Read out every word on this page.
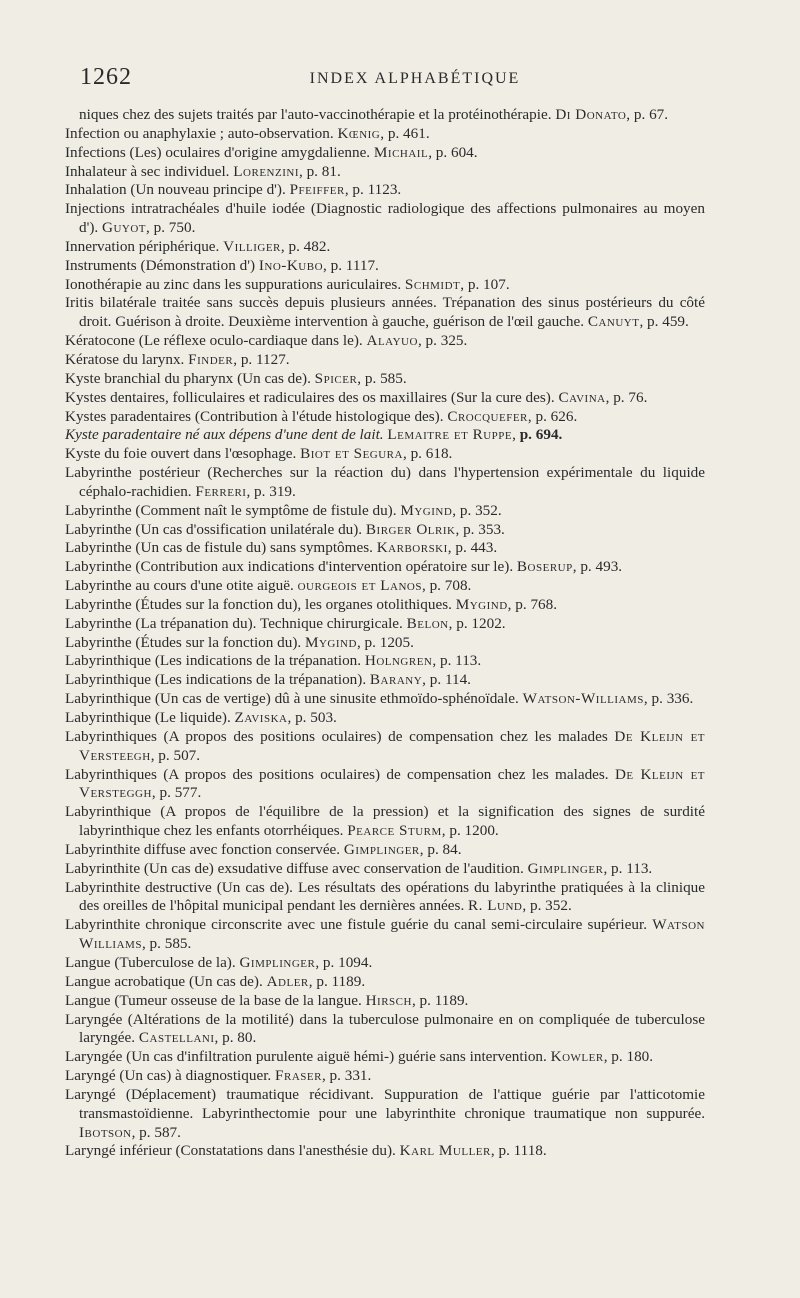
1262	INDEX ALPHABÉTIQUE

niques chez des sujets traités par l'auto-vaccinothérapie et la protéinothérapie. Di Donato, p. 67.

Infection ou anaphylaxie ; auto-observation. Kœnig, p. 461.

Infections (Les) oculaires d'origine amygdalienne. Michail, p. 604.

Inhalateur à sec individuel. Lorenzini, p. 81.

Inhalation (Un nouveau principe d'). Pfeiffer, p. 1123.

Injections intratrachéales d'huile iodée (Diagnostic radiologique des affections pulmonaires au moyen d'). Guyot, p. 750.

Innervation périphérique. Villiger, p. 482.

Instruments (Démonstration d') Ino-Kubo, p. 1117.

Ionothérapie au zinc dans les suppurations auriculaires. Schmidt, p. 107.

Iritis bilatérale traitée sans succès depuis plusieurs années. Trépanation des sinus postérieurs du côté droit. Guérison à droite. Deuxième intervention à gauche, guérison de l'œil gauche. Canuyt, p. 459.

Kératocone (Le réflexe oculo-cardiaque dans le). Alayuo, p. 325.

Kératose du larynx. Finder, p. 1127.

Kyste branchial du pharynx (Un cas de). Spicer, p. 585.

Kystes dentaires, folliculaires et radiculaires des os maxillaires (Sur la cure des). Cavina, p. 76.

Kystes paradentaires (Contribution à l'étude histologique des). Crocquefer, p. 626.

Kyste paradentaire né aux dépens d'une dent de lait. Lemaitre et Ruppe, p. 694.

Kyste du foie ouvert dans l'œsophage. Biot et Segura, p. 618.

Labyrinthe postérieur (Recherches sur la réaction du) dans l'hypertension expérimentale du liquide céphalo-rachidien. Ferreri, p. 319.

Labyrinthe (Comment naît le symptôme de fistule du). Mygind, p. 352.

Labyrinthe (Un cas d'ossification unilatérale du). Birger Olrik, p. 353.

Labyrinthe (Un cas de fistule du) sans symptômes. Karborski, p. 443.

Labyrinthe (Contribution aux indications d'intervention opératoire sur le). Boserup, p. 493.

Labyrinthe au cours d'une otite aiguë. ourgeois et Lanos, p. 708.

Labyrinthe (Études sur la fonction du), les organes otolithiques. Mygind, p. 768.

Labyrinthe (La trépanation du). Technique chirurgicale. Belon, p. 1202.

Labyrinthe (Études sur la fonction du). Mygind, p. 1205.

Labyrinthique (Les indications de la trépanation. Holngren, p. 113.

Labyrinthique (Les indications de la trépanation). Barany, p. 114.

Labyrinthique (Un cas de vertige) dû à une sinusite ethmoïdo-sphénoïdale. Watson-Williams, p. 336.

Labyrinthique (Le liquide). Zaviska, p. 503.

Labyrinthiques (A propos des positions oculaires) de compensation chez les malades De Kleijn et Versteegh, p. 507.

Labyrinthiques (A propos des positions oculaires) de compensation chez les malades. De Kleijn et Versteggh, p. 577.

Labyrinthique (A propos de l'équilibre de la pression) et la signification des signes de surdité labyrinthique chez les enfants otorrhéiques. Pearce Sturm, p. 1200.

Labyrinthite diffuse avec fonction conservée. Gimplinger, p. 84.

Labyrinthite (Un cas de) exsudative diffuse avec conservation de l'audition. Gimplinger, p. 113.

Labyrinthite destructive (Un cas de). Les résultats des opérations du labyrinthe pratiquées à la clinique des oreilles de l'hôpital municipal pendant les dernières années. R. Lund, p. 352.

Labyrinthite chronique circonscrite avec une fistule guérie du canal semi-circulaire supérieur. Watson Williams, p. 585.

Langue (Tuberculose de la). Gimplinger, p. 1094.

Langue acrobatique (Un cas de). Adler, p. 1189.

Langue (Tumeur osseuse de la base de la langue. Hirsch, p. 1189.

Laryngée (Altérations de la motilité) dans la tuberculose pulmonaire en on compliquée de tuberculose laryngée. Castellani, p. 80.

Laryngée (Un cas d'infiltration purulente aiguë hémi-) guérie sans intervention. Kowler, p. 180.

Laryngé (Un cas) à diagnostiquer. Fraser, p. 331.

Laryngé (Déplacement) traumatique récidivant. Suppuration de l'attique guérie par l'atticotomie transmastoïdienne. Labyrinthectomie pour une labyrinthite chronique traumatique non suppurée. Ibotson, p. 587.

Laryngé inférieur (Constatations dans l'anesthésie du). Karl Muller, p. 1118.
